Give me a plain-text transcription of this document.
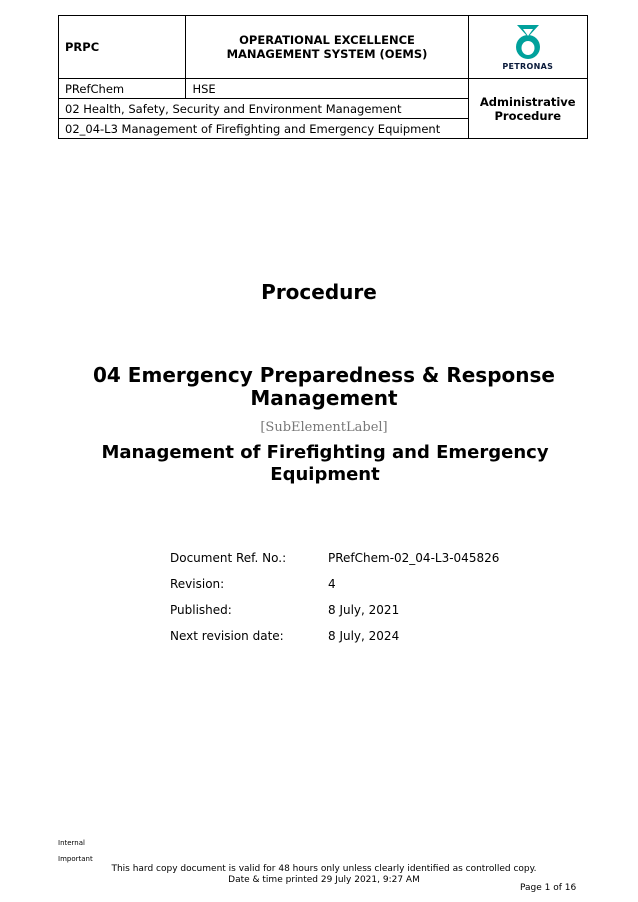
PRPC	OPERATIONAL EXCELLENCE MANAGEMENT SYSTEM (OEMS)	PETRONAS

PRefChem	HSE	Administrative Procedure
02 Health, Safety, Security and Environment Management		
02_04-L3 Management of Firefighting and Emergency Equipment		
Procedure
04 Emergency Preparedness & Response Management
[SubElementLabel]
Management of Firefighting and Emergency Equipment
Document Ref. No.:	PRefChem-02_04-L3-045826
Revision:	4
Published:	8 July, 2021
Next revision date:	8 July, 2024
Internal
Important
This hard copy document is valid for 48 hours only unless clearly identified as controlled copy.
Date & time printed 29 July 2021, 9:27 AM
Page 1 of 16
